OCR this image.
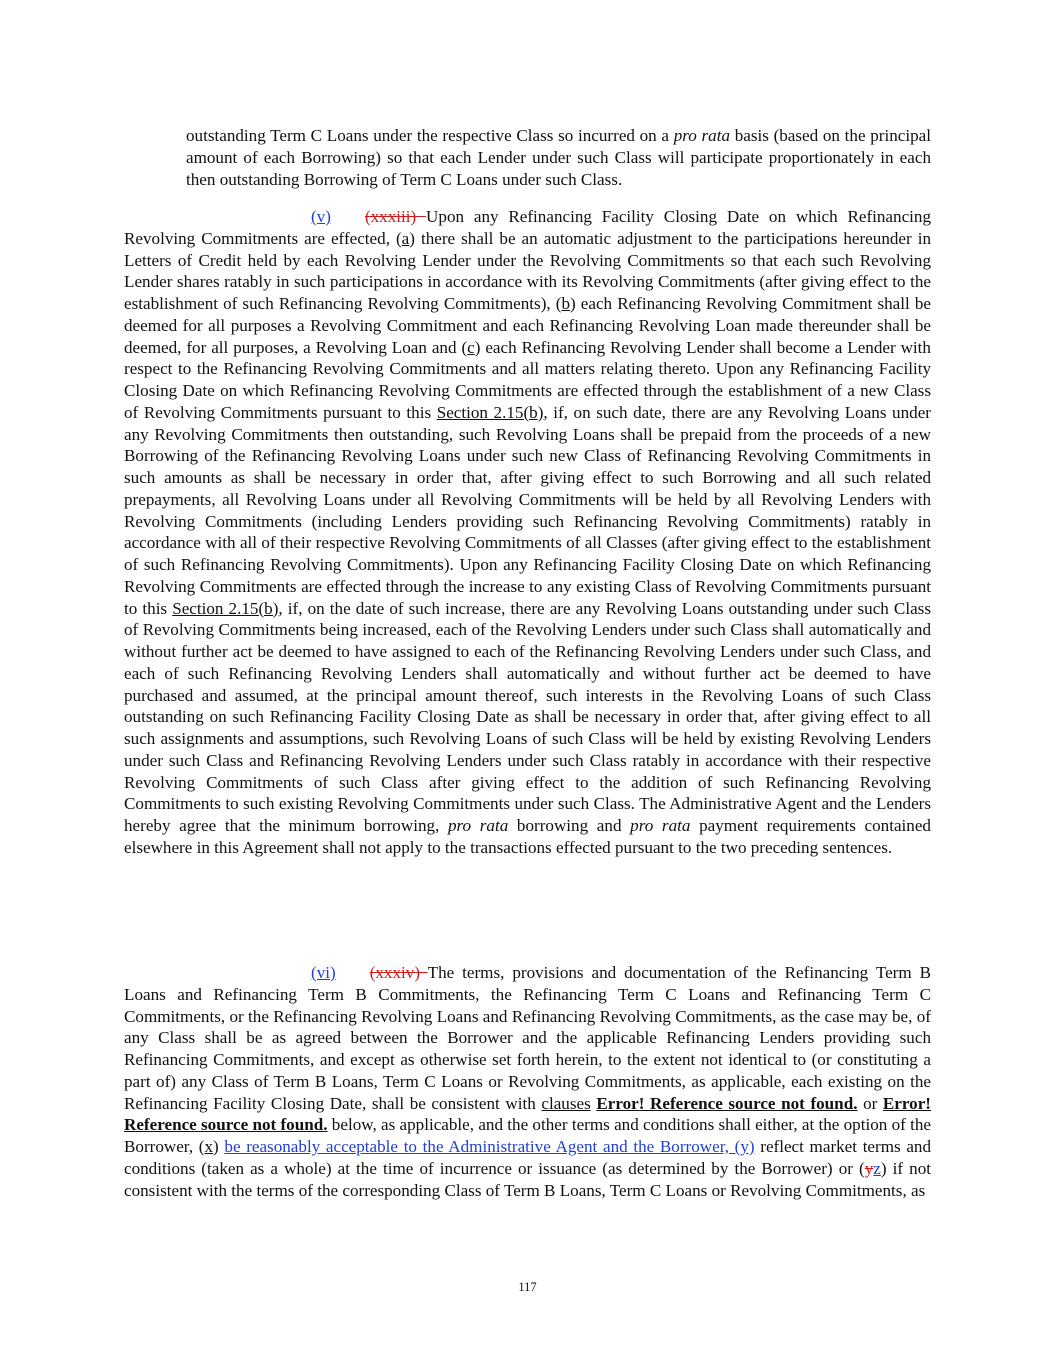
outstanding Term C Loans under the respective Class so incurred on a pro rata basis (based on the principal amount of each Borrowing) so that each Lender under such Class will participate proportionately in each then outstanding Borrowing of Term C Loans under such Class.

(v) (xxxiii) Upon any Refinancing Facility Closing Date on which Refinancing Revolving Commitments are effected, (a) there shall be an automatic adjustment to the participations hereunder in Letters of Credit held by each Revolving Lender under the Revolving Commitments so that each such Revolving Lender shares ratably in such participations in accordance with its Revolving Commitments (after giving effect to the establishment of such Refinancing Revolving Commitments), (b) each Refinancing Revolving Commitment shall be deemed for all purposes a Revolving Commitment and each Refinancing Revolving Loan made thereunder shall be deemed, for all purposes, a Revolving Loan and (c) each Refinancing Revolving Lender shall become a Lender with respect to the Refinancing Revolving Commitments and all matters relating thereto. Upon any Refinancing Facility Closing Date on which Refinancing Revolving Commitments are effected through the establishment of a new Class of Revolving Commitments pursuant to this Section 2.15(b), if, on such date, there are any Revolving Loans under any Revolving Commitments then outstanding, such Revolving Loans shall be prepaid from the proceeds of a new Borrowing of the Refinancing Revolving Loans under such new Class of Refinancing Revolving Commitments in such amounts as shall be necessary in order that, after giving effect to such Borrowing and all such related prepayments, all Revolving Loans under all Revolving Commitments will be held by all Revolving Lenders with Revolving Commitments (including Lenders providing such Refinancing Revolving Commitments) ratably in accordance with all of their respective Revolving Commitments of all Classes (after giving effect to the establishment of such Refinancing Revolving Commitments). Upon any Refinancing Facility Closing Date on which Refinancing Revolving Commitments are effected through the increase to any existing Class of Revolving Commitments pursuant to this Section 2.15(b), if, on the date of such increase, there are any Revolving Loans outstanding under such Class of Revolving Commitments being increased, each of the Revolving Lenders under such Class shall automatically and without further act be deemed to have assigned to each of the Refinancing Revolving Lenders under such Class, and each of such Refinancing Revolving Lenders shall automatically and without further act be deemed to have purchased and assumed, at the principal amount thereof, such interests in the Revolving Loans of such Class outstanding on such Refinancing Facility Closing Date as shall be necessary in order that, after giving effect to all such assignments and assumptions, such Revolving Loans of such Class will be held by existing Revolving Lenders under such Class and Refinancing Revolving Lenders under such Class ratably in accordance with their respective Revolving Commitments of such Class after giving effect to the addition of such Refinancing Revolving Commitments to such existing Revolving Commitments under such Class. The Administrative Agent and the Lenders hereby agree that the minimum borrowing, pro rata borrowing and pro rata payment requirements contained elsewhere in this Agreement shall not apply to the transactions effected pursuant to the two preceding sentences.

(vi) (xxxiv) The terms, provisions and documentation of the Refinancing Term B Loans and Refinancing Term B Commitments, the Refinancing Term C Loans and Refinancing Term C Commitments, or the Refinancing Revolving Loans and Refinancing Revolving Commitments, as the case may be, of any Class shall be as agreed between the Borrower and the applicable Refinancing Lenders providing such Refinancing Commitments, and except as otherwise set forth herein, to the extent not identical to (or constituting a part of) any Class of Term B Loans, Term C Loans or Revolving Commitments, as applicable, each existing on the Refinancing Facility Closing Date, shall be consistent with clauses Error! Reference source not found. or Error! Reference source not found. below, as applicable, and the other terms and conditions shall either, at the option of the Borrower, (x) be reasonably acceptable to the Administrative Agent and the Borrower, (y) reflect market terms and conditions (taken as a whole) at the time of incurrence or issuance (as determined by the Borrower) or (yz) if not consistent with the terms of the corresponding Class of Term B Loans, Term C Loans or Revolving Commitments, as

117
